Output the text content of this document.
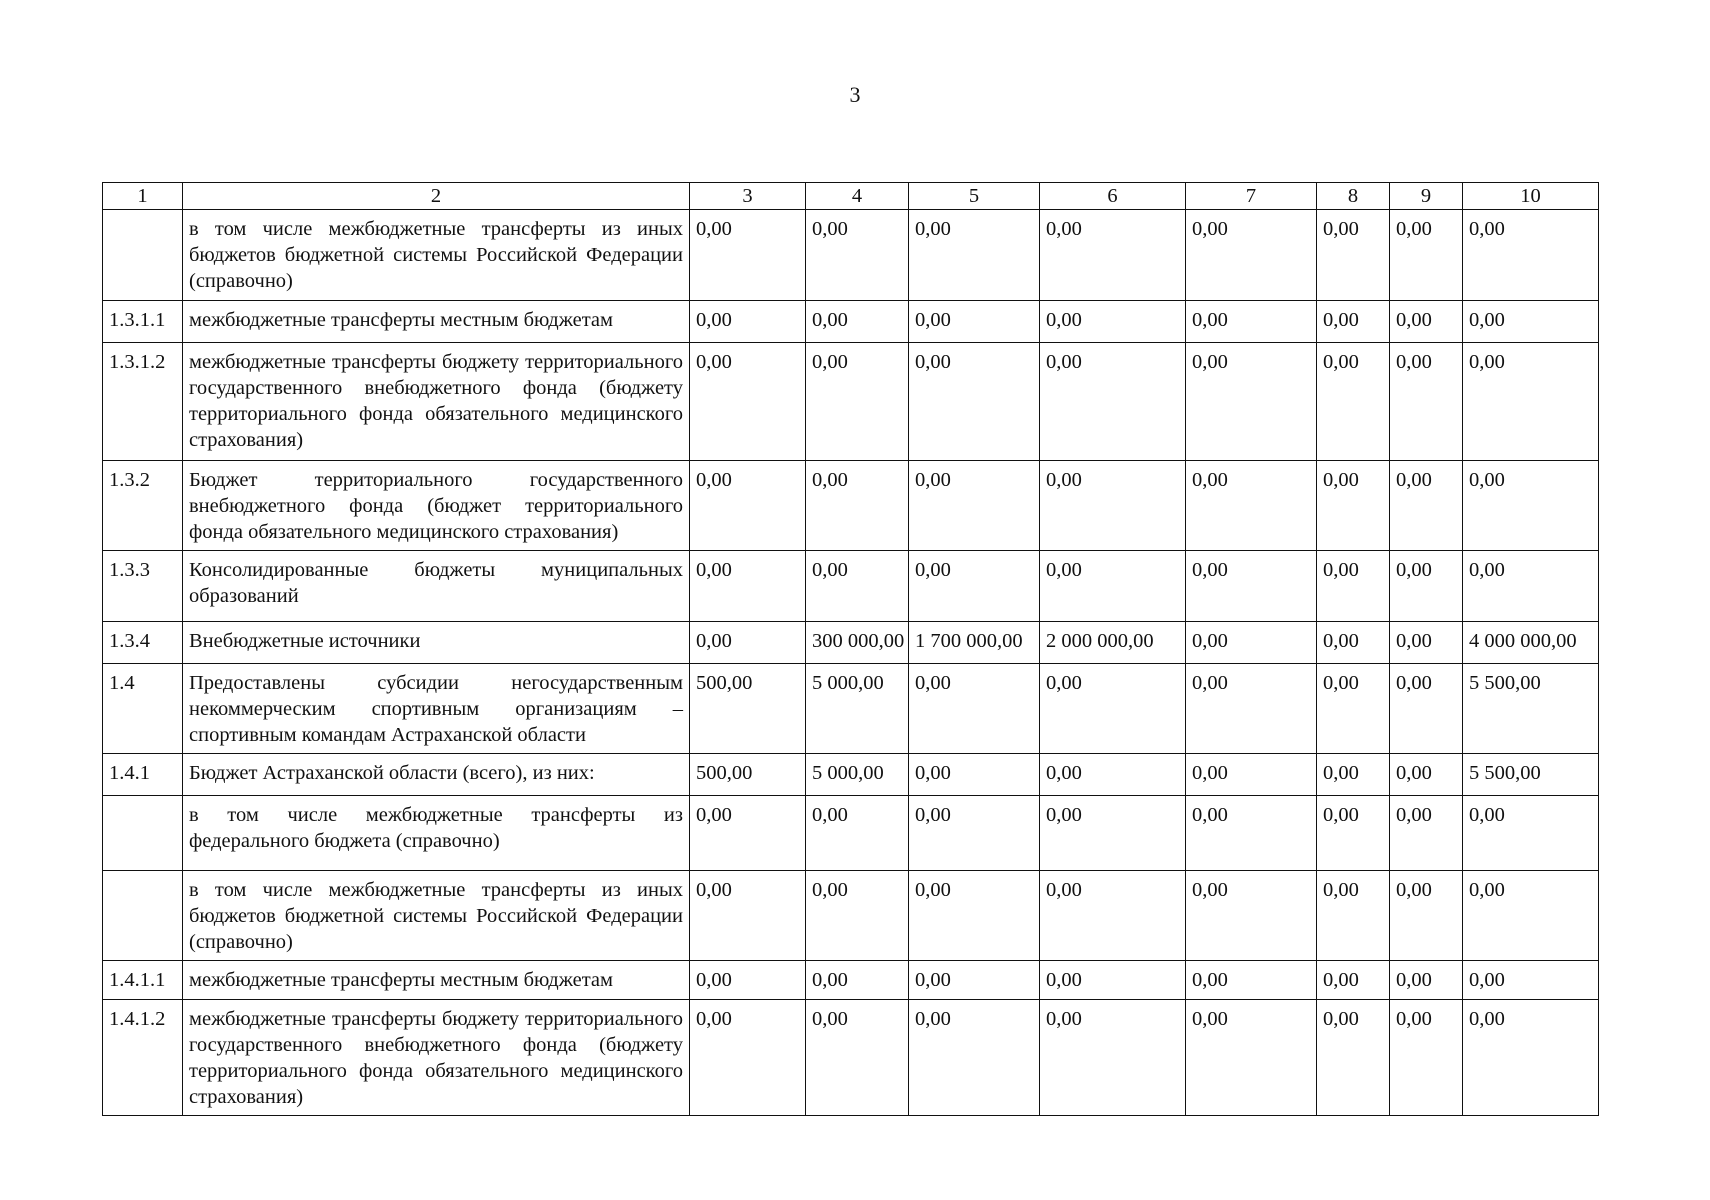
3
1	2	3	4	5	6	7	8	9	10
	в том числе межбюджетные трансферты из иных бюджетов бюджетной системы Российской Федерации (справочно)	0,00	0,00	0,00	0,00	0,00	0,00	0,00	0,00
1.3.1.1	межбюджетные трансферты местным бюджетам	0,00	0,00	0,00	0,00	0,00	0,00	0,00	0,00
1.3.1.2	межбюджетные трансферты бюджету территориального государственного внебюджетного фонда (бюджету территориального фонда обязательного медицинского страхования)	0,00	0,00	0,00	0,00	0,00	0,00	0,00	0,00
1.3.2	Бюджет территориального государственного внебюджетного фонда (бюджет территориального фонда обязательного медицинского страхования)	0,00	0,00	0,00	0,00	0,00	0,00	0,00	0,00
1.3.3	Консолидированные бюджеты муниципальных образований	0,00	0,00	0,00	0,00	0,00	0,00	0,00	0,00
1.3.4	Внебюджетные источники	0,00	300 000,00	1 700 000,00	2 000 000,00	0,00	0,00	0,00	4 000 000,00
1.4	Предоставлены субсидии негосударственным некоммерческим спортивным организациям – спортивным командам Астраханской области	500,00	5 000,00	0,00	0,00	0,00	0,00	0,00	5 500,00
1.4.1	Бюджет Астраханской области (всего), из них:	500,00	5 000,00	0,00	0,00	0,00	0,00	0,00	5 500,00
	в том числе межбюджетные трансферты из федерального бюджета (справочно)	0,00	0,00	0,00	0,00	0,00	0,00	0,00	0,00
	в том числе межбюджетные трансферты из иных бюджетов бюджетной системы Российской Федерации (справочно)	0,00	0,00	0,00	0,00	0,00	0,00	0,00	0,00
1.4.1.1	межбюджетные трансферты местным бюджетам	0,00	0,00	0,00	0,00	0,00	0,00	0,00	0,00
1.4.1.2	межбюджетные трансферты бюджету территориального государственного внебюджетного фонда (бюджету территориального фонда обязательного медицинского страхования)	0,00	0,00	0,00	0,00	0,00	0,00	0,00	0,00
